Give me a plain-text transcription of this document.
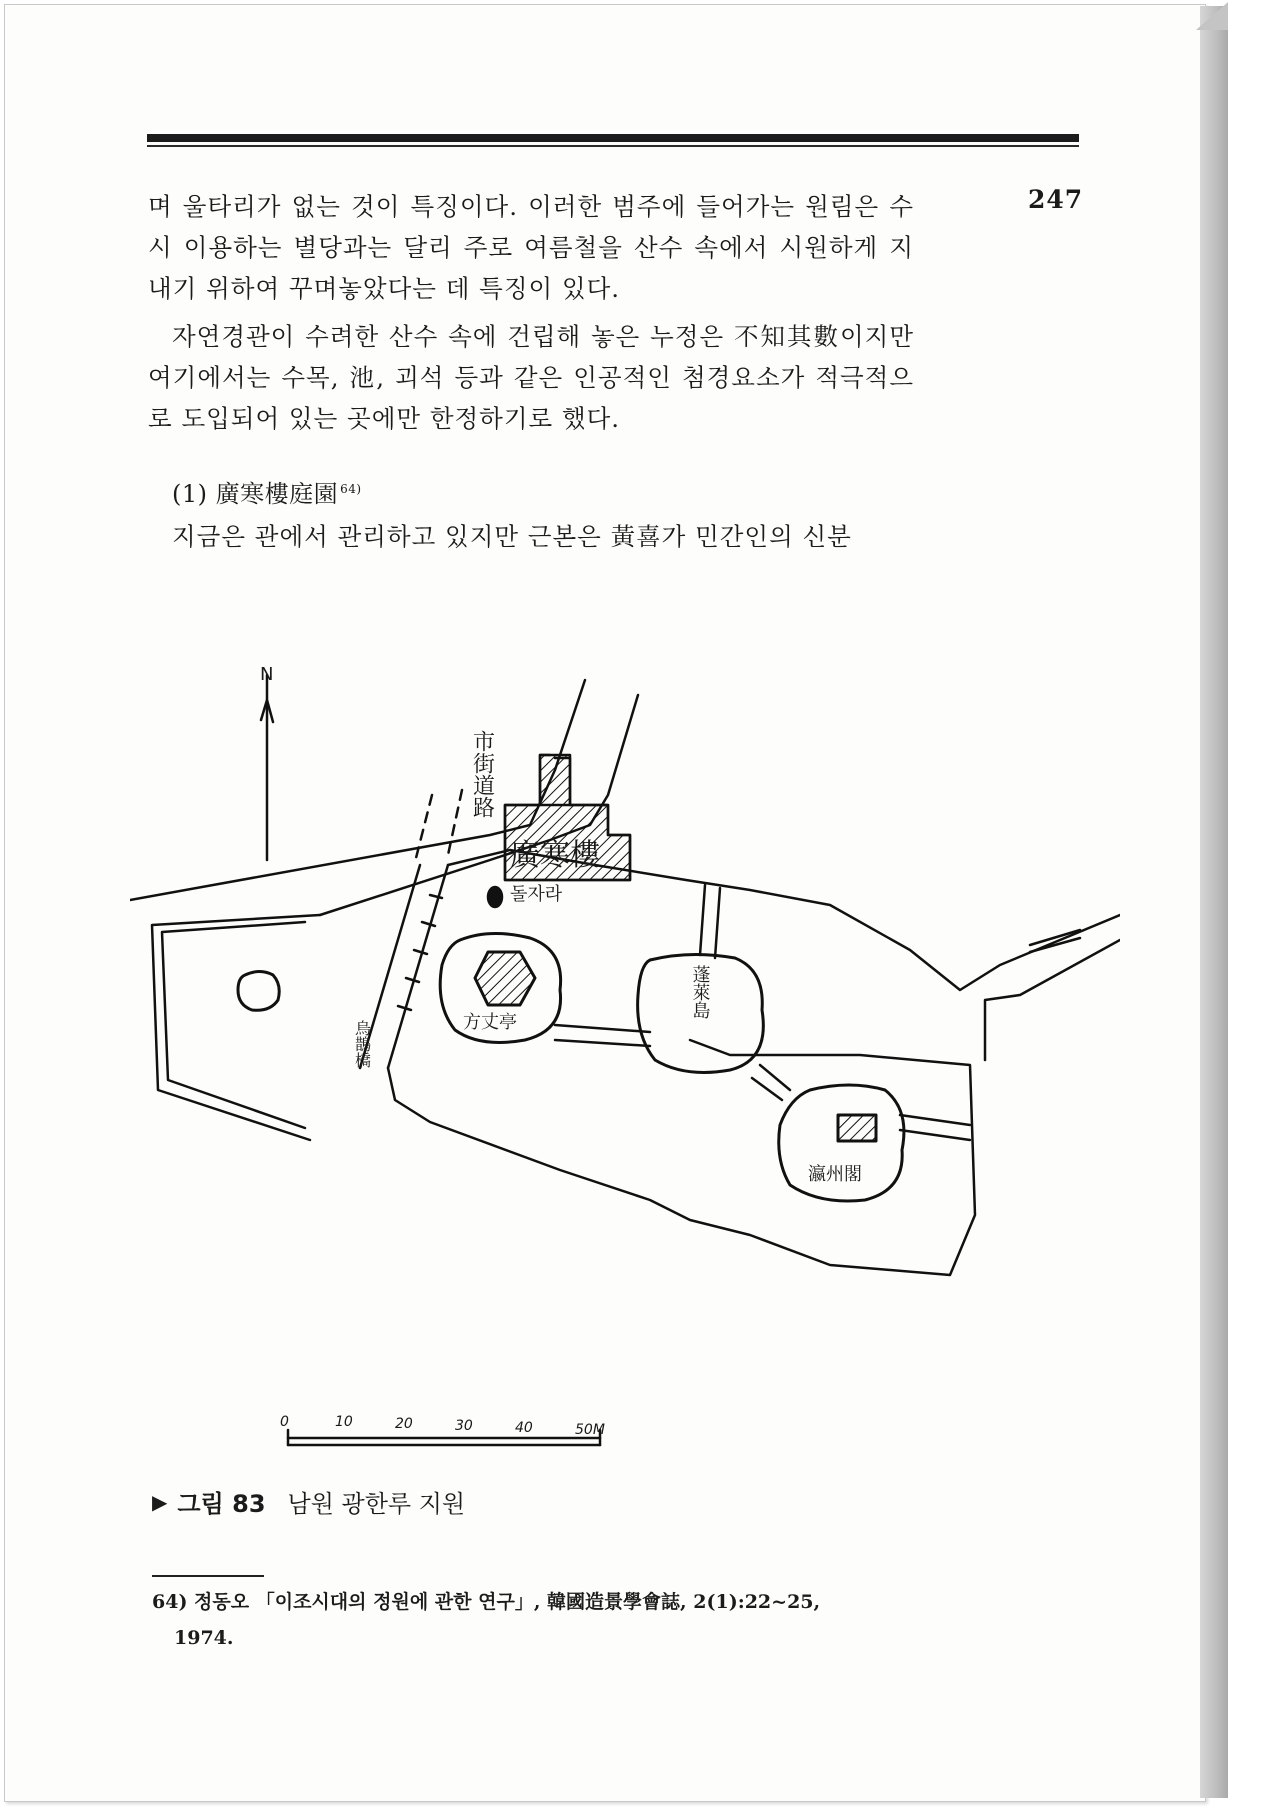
247
며 울타리가 없는 것이 특징이다. 이러한 범주에 들어가는 원림은 수시 이용하는 별당과는 달리 주로 여름철을 산수 속에서 시원하게 지내기 위하여 꾸며놓았다는 데 특징이 있다.
자연경관이 수려한 산수 속에 건립해 놓은 누정은 不知其數이지만 여기에서는 수목, 池, 괴석 등과 같은 인공적인 첨경요소가 적극적으로 도입되어 있는 곳에만 한정하기로 했다.
(1) 廣寒樓庭園 $^{64)}$
지금은 관에서 관리하고 있지만 근본은 黃喜가 민간인의 신분
N
市街道路
廣寒樓
돌자라
方丈亭
蓬萊島
瀛州閣
烏鵲橋
0	10	20	30	40	50M
▶ 그림 83 남원 광한루 지원
64) 정동오 「이조시대의 정원에 관한 연구」, 韓國造景學會誌, 2(1):22~25,
1974.
